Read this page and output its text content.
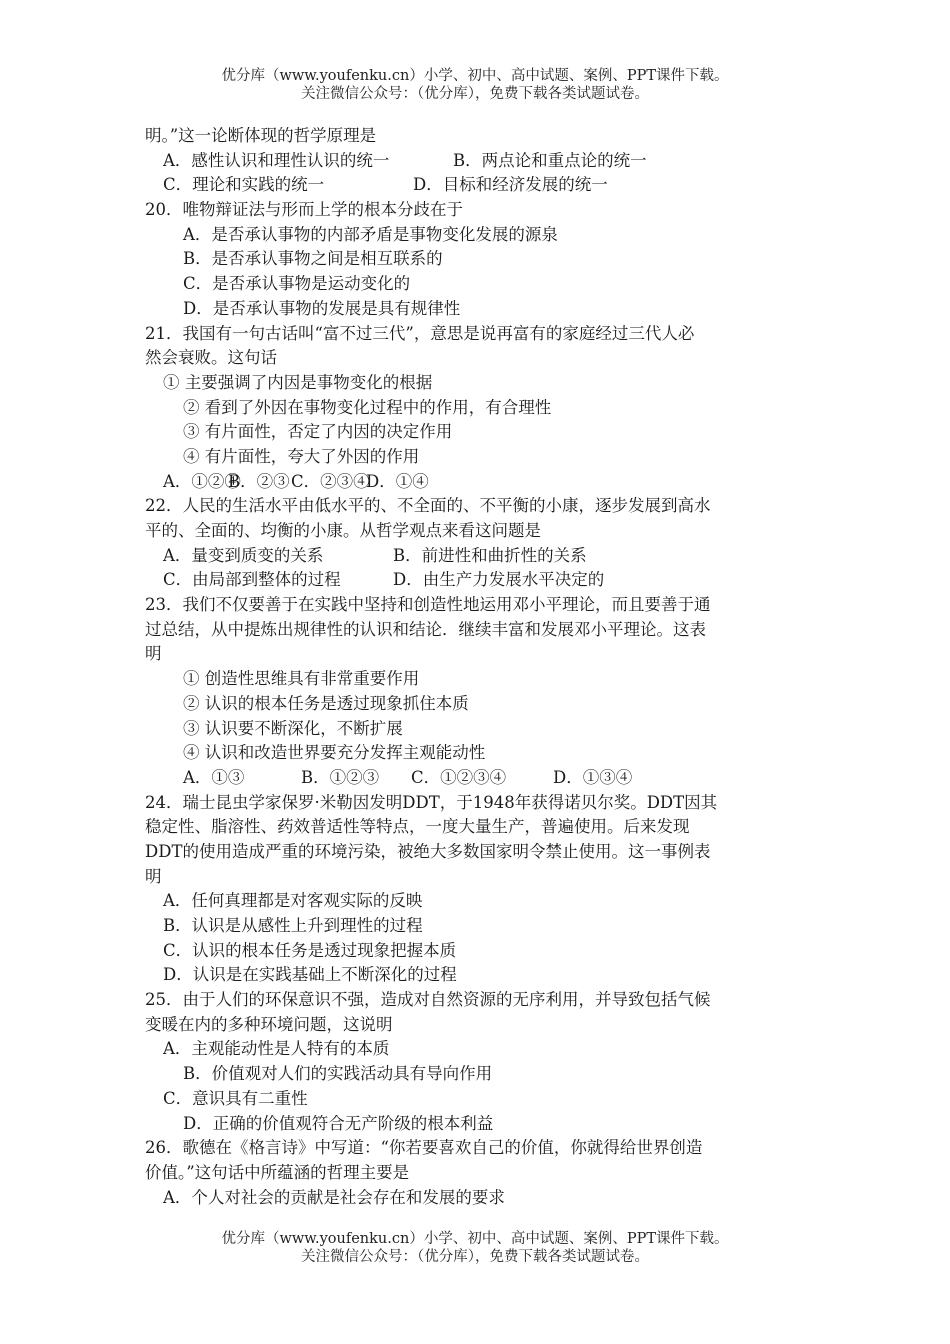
优分库（www.youfenku.cn）小学、初中、高中试题、案例、PPT课件下载。
关注微信公众号：（优分库），免费下载各类试题试卷。
明。”这一论断体现的哲学原理是
A．感性认识和理性认识的统一	B．两点论和重点论的统一
C．理论和实践的统一	D．目标和经济发展的统一
20．唯物辩证法与形而上学的根本分歧在于
A．是否承认事物的内部矛盾是事物变化发展的源泉
B．是否承认事物之间是相互联系的
C．是否承认事物是运动变化的
D．是否承认事物的发展是具有规律性
21．我国有一句古话叫“富不过三代”，意思是说再富有的家庭经过三代人必
然会衰败。这句话
① 主要强调了内因是事物变化的根据
② 看到了外因在事物变化过程中的作用，有合理性
③ 有片面性，否定了内因的决定作用
④ 有片面性，夸大了外因的作用
A．①②④B．②③C．②③④D．①④
22．人民的生活水平由低水平的、不全面的、不平衡的小康，逐步发展到高水
平的、全面的、均衡的小康。从哲学观点来看这问题是
A．量变到质变的关系	B．前进性和曲折性的关系
C．由局部到整体的过程	D．由生产力发展水平决定的
23．我们不仅要善于在实践中坚持和创造性地运用邓小平理论，而且要善于通
过总结，从中提炼出规律性的认识和结论．继续丰富和发展邓小平理论。这表
明
① 创造性思维具有非常重要作用
② 认识的根本任务是透过现象抓住本质
③ 认识要不断深化，不断扩展
④ 认识和改造世界要充分发挥主观能动性
A．①③	B．①②③ C．①②③④	D．①③④
24．瑞士昆虫学家保罗·米勒因发明DDT，于1948年获得诺贝尔奖。DDT因其
稳定性、脂溶性、药效普适性等特点，一度大量生产，普遍使用。后来发现
DDT的使用造成严重的环境污染，被绝大多数国家明令禁止使用。这一事例表
明
A．任何真理都是对客观实际的反映
B．认识是从感性上升到理性的过程
C．认识的根本任务是透过现象把握本质
D．认识是在实践基础上不断深化的过程
25．由于人们的环保意识不强，造成对自然资源的无序利用，并导致包括气候
变暖在内的多种环境问题，这说明
A．主观能动性是人特有的本质
B．价值观对人们的实践活动具有导向作用
C．意识具有二重性
D．正确的价值观符合无产阶级的根本利益
26．歌德在《格言诗》中写道：“你若要喜欢自己的价值，你就得给世界创造
价值。”这句话中所蕴涵的哲理主要是
A．个人对社会的贡献是社会存在和发展的要求
优分库（www.youfenku.cn）小学、初中、高中试题、案例、PPT课件下载。
关注微信公众号：（优分库），免费下载各类试题试卷。
